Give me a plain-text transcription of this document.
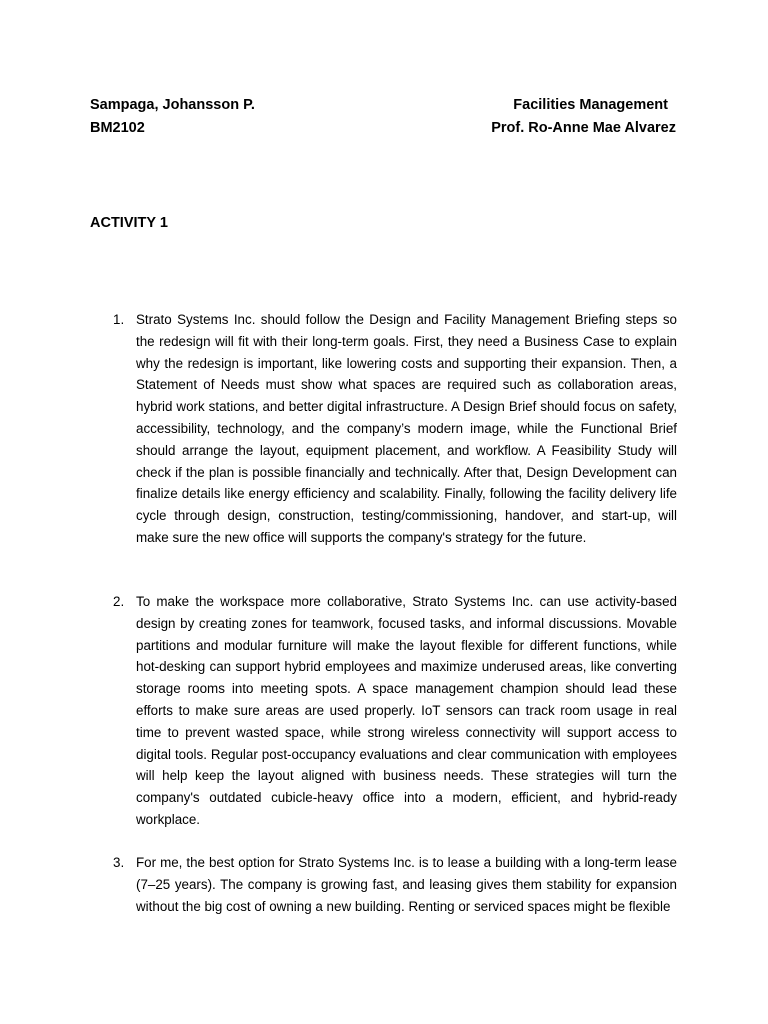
Sampaga, Johansson P.
BM2102
Facilities Management
Prof. Ro-Anne Mae Alvarez
ACTIVITY 1
1. Strato Systems Inc. should follow the Design and Facility Management Briefing steps so the redesign will fit with their long-term goals. First, they need a Business Case to explain why the redesign is important, like lowering costs and supporting their expansion. Then, a Statement of Needs must show what spaces are required such as collaboration areas, hybrid work stations, and better digital infrastructure. A Design Brief should focus on safety, accessibility, technology, and the company’s modern image, while the Functional Brief should arrange the layout, equipment placement, and workflow. A Feasibility Study will check if the plan is possible financially and technically. After that, Design Development can finalize details like energy efficiency and scalability. Finally, following the facility delivery life cycle through design, construction, testing/commissioning, handover, and start-up, will make sure the new office will supports the company's strategy for the future.
2. To make the workspace more collaborative, Strato Systems Inc. can use activity-based design by creating zones for teamwork, focused tasks, and informal discussions. Movable partitions and modular furniture will make the layout flexible for different functions, while hot-desking can support hybrid employees and maximize underused areas, like converting storage rooms into meeting spots. A space management champion should lead these efforts to make sure areas are used properly. IoT sensors can track room usage in real time to prevent wasted space, while strong wireless connectivity will support access to digital tools. Regular post-occupancy evaluations and clear communication with employees will help keep the layout aligned with business needs. These strategies will turn the company's outdated cubicle-heavy office into a modern, efficient, and hybrid-ready workplace.
3. For me, the best option for Strato Systems Inc. is to lease a building with a long-term lease (7–25 years). The company is growing fast, and leasing gives them stability for expansion without the big cost of owning a new building. Renting or serviced spaces might be flexible
